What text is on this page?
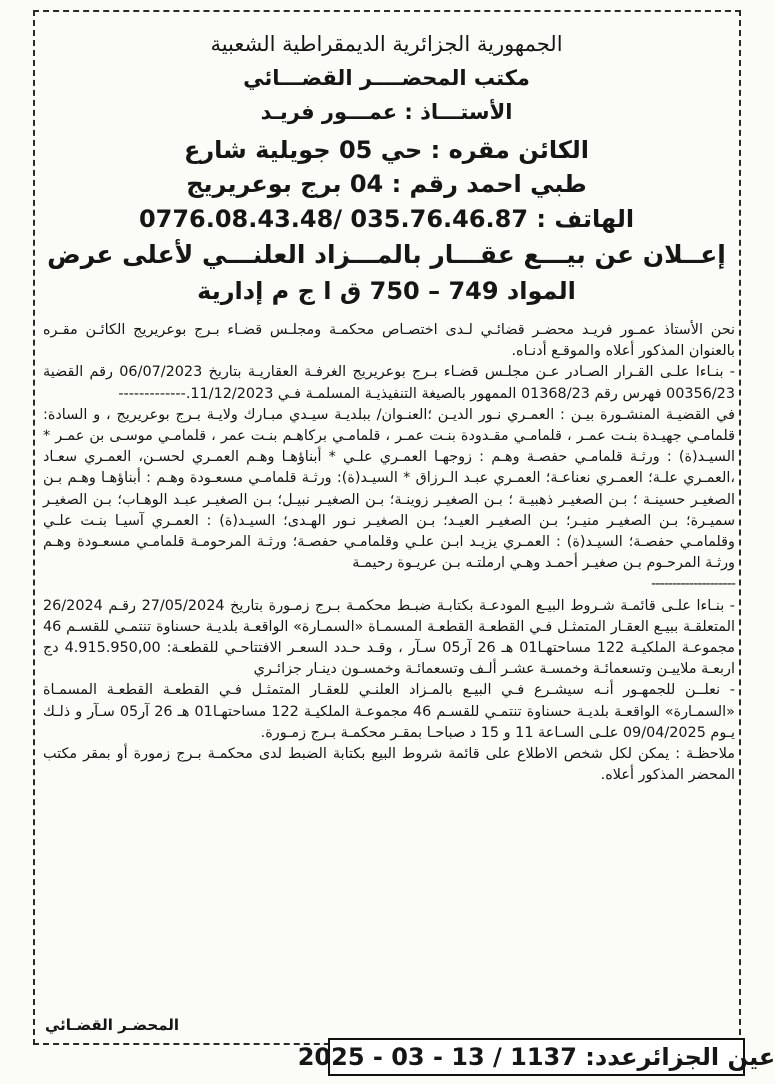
الجمهورية الجزائرية الديمقراطية الشعبية
مكتب المحضــــر القضـــائي
الأستـــاذ : عمـــور فريـد
الكائن مقره : حي 05 جويلية شارع
طبي احمد رقم : 04 برج بوعريريج
الهاتف : 035.76.46.87 /0776.08.43.48
إعــلان عن بيـــع عقـــار بالمـــزاد العلنـــي لأعلى عرض
المواد 749 – 750 ق ا ج م إدارية

نحن الأستاذ عمـور فريـد محضـر قضائـي لـدى اختصـاص محكمـة ومجلـس قضـاء بـرج بوعريريج الكائـن مقـره بالعنوان المذكور أعلاه والموقـع أدنـاه.

- بنـاءا علـى القـرار الصـادر عـن مجلـس قضـاء بـرج بوعريريج الغرفـة العقاريـة بتاريخ 06/07/2023 رقم القضية 00356/23 فهرس رقم 01368/23 الممهور بالصيغة التنفيذيـة المسلمـة فـي 11/12/2023.-------------

في القضيـة المنشـورة بيـن : العمـري نـور الديـن ؛العنـوان/ ببلديـة سيـدي مبـارك ولايـة بـرج بوعريريج ، و السادة: قلمامـي جهيـدة بنـت عمـر ، قلمامـي مقـدودة بنـت عمـر ، قلمامـي بركاهـم بنـت عمر ، قلمامـي موسـى بن عمـر * السيـد(ة) : ورثـة قلمامـي حفصـة وهـم : زوجهـا العمـري علـي * أبناؤهـا وهـم العمـري لحسـن، العمـري سعـاد ،العمـري علـة؛ العمـري نعناعـة؛ العمـري عبـد الـرزاق * السيـد(ة): ورثـة قلمامـي مسعـودة وهـم : أبناؤهـا وهـم بـن الصغيـر حسينـة ؛ بـن الصغيـر ذهبيـة ؛ بـن الصغيـر زوينـة؛ بـن الصغيـر نبيـل؛ بـن الصغيـر عبـد الوهـاب؛ بـن الصغيـر سميـرة؛ بـن الصغيـر منيـر؛ بـن الصغيـر العيـد؛ بـن الصغيـر نـور الهـدى؛ السيـد(ة) : العمـري آسيـا بنـت علـي وقلمامـي حفصـة؛ السيـد(ة) : العمـري يزيـد ابـن علـي وقلمامـي حفصـة؛ ورثـة المرحومـة قلمامـي مسعـودة وهـم ورثـة المرحـوم بـن صغيـر أحمـد وهـي ارملتـه بـن عريـوة رحيمـة

--------------------

- بنـاءا علـى قائمـة شـروط البيـع المودعـة بكتابـة ضبـط محكمـة بـرج زمـورة بتاريخ 27/05/2024 رقـم 26/2024 المتعلقـة ببيـع العقـار المتمثـل فـي القطعـة القطعـة المسمـاة «السمـارة» الواقعـة بلديـة حسناوة تنتمـي للقسـم 46 مجموعـة الملكيـة 122 مساحتهـا01 هـ 26 آر05 سـآر ، وقـد حـدد السعـر الافتتاحـي للقطعـة: 4.915.950,00 دج اربعـة ملاييـن وتسعمائـة وخمسـة عشـر ألـف وتسعمائـة وخمسـون دينـار جزائـري

- نعلــن للجمهـور أنـه سيشـرع فـي البيـع بالمـزاد العلنـي للعقـار المتمثـل فـي القطعـة القطعـة المسمـاة «السمـارة» الواقعـة بلديـة حسناوة تنتمـي للقسـم 46 مجموعـة الملكيـة 122 مساحتهـا01 هـ 26 آر05 سـآر و ذلـك يـوم 09/04/2025 علـى السـاعة 11 و 15 د صباحـا بمقـر محكمـة بـرج زمـورة.

ملاحظـة : يمكن لكل شخص الاطلاع على قائمة شروط البيع بكتابة الضبط لدى محكمـة بـرج زمورة أو بمقر مكتب المحضر المذكور أعلاه.

المحضـر القضـائي
عين الجزائرعدد: 1137 / 13 - 03 - 2025
